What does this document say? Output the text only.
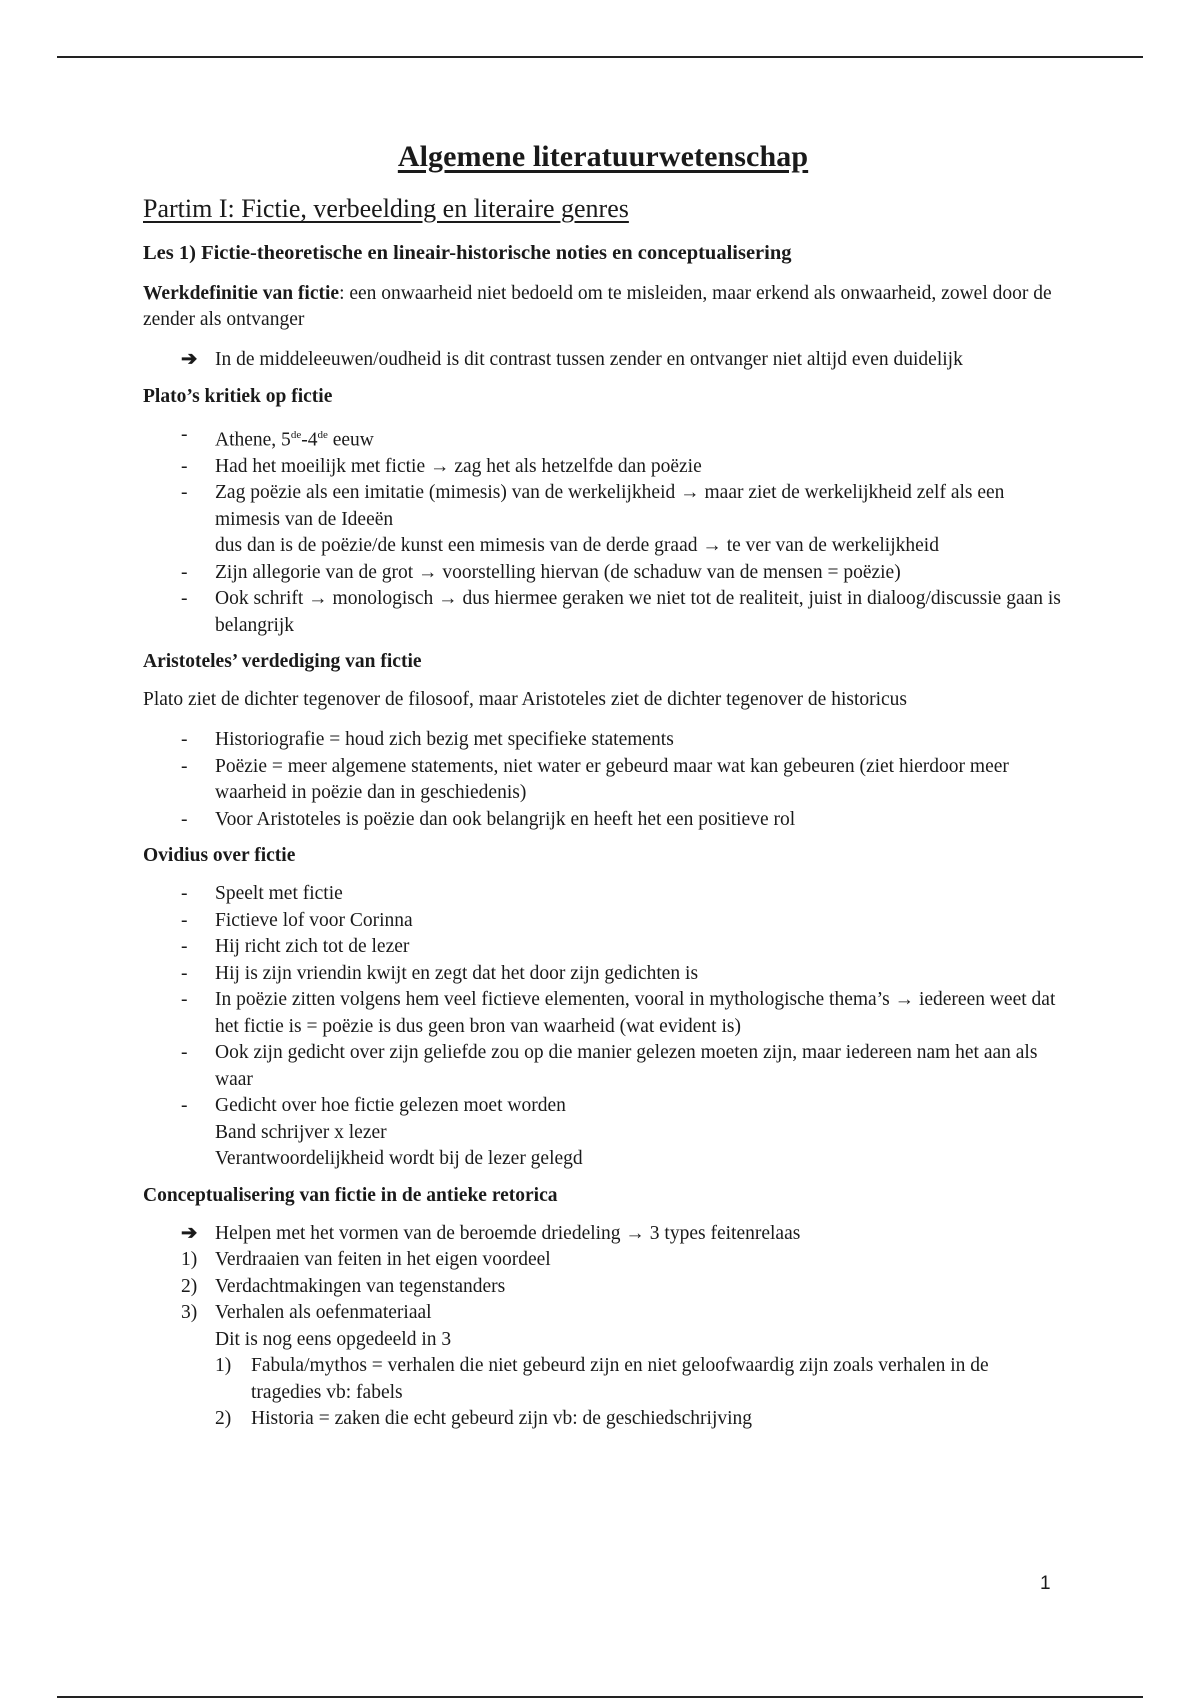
Algemene literatuurwetenschap
Partim I: Fictie, verbeelding en literaire genres
Les 1) Fictie-theoretische en lineair-historische noties en conceptualisering

Werkdefinitie van fictie: een onwaarheid niet bedoeld om te misleiden, maar erkend als onwaarheid, zowel door de zender als ontvanger

➔ In de middeleeuwen/oudheid is dit contrast tussen zender en ontvanger niet altijd even duidelijk
Plato’s kritiek op fictie
- Athene, 5de-4de eeuw
- Had het moeilijk met fictie → zag het als hetzelfde dan poëzie
- Zag poëzie als een imitatie (mimesis) van de werkelijkheid → maar ziet de werkelijkheid zelf als een mimesis van de Ideeën
dus dan is de poëzie/de kunst een mimesis van de derde graad → te ver van de werkelijkheid
- Zijn allegorie van de grot → voorstelling hiervan (de schaduw van de mensen = poëzie)
- Ook schrift → monologisch → dus hiermee geraken we niet tot de realiteit, juist in dialoog/discussie gaan is belangrijk
Aristoteles’ verdediging van fictie

Plato ziet de dichter tegenover de filosoof, maar Aristoteles ziet de dichter tegenover de historicus

- Historiografie = houd zich bezig met specifieke statements
- Poëzie = meer algemene statements, niet water er gebeurd maar wat kan gebeuren (ziet hierdoor meer waarheid in poëzie dan in geschiedenis)
- Voor Aristoteles is poëzie dan ook belangrijk en heeft het een positieve rol
Ovidius over fictie
- Speelt met fictie
- Fictieve lof voor Corinna
- Hij richt zich tot de lezer
- Hij is zijn vriendin kwijt en zegt dat het door zijn gedichten is
- In poëzie zitten volgens hem veel fictieve elementen, vooral in mythologische thema’s → iedereen weet dat het fictie is = poëzie is dus geen bron van waarheid (wat evident is)
- Ook zijn gedicht over zijn geliefde zou op die manier gelezen moeten zijn, maar iedereen nam het aan als waar
- Gedicht over hoe fictie gelezen moet worden
Band schrijver x lezer
Verantwoordelijkheid wordt bij de lezer gelegd
Conceptualisering van fictie in de antieke retorica
➔ Helpen met het vormen van de beroemde driedeling → 3 types feitenrelaas
1) Verdraaien van feiten in het eigen voordeel
2) Verdachtmakingen van tegenstanders
3) Verhalen als oefenmateriaal
Dit is nog eens opgedeeld in 3
1) Fabula/mythos = verhalen die niet gebeurd zijn en niet geloofwaardig zijn zoals verhalen in de tragedies vb: fabels
2) Historia = zaken die echt gebeurd zijn vb: de geschiedschrijving
1
